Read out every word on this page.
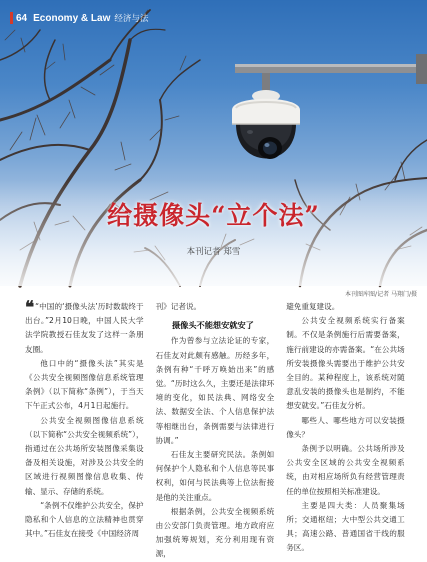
给摄像头“立个法”
本刊记者 郑雪
64 Economy & Law 经济与法
本刊图库图/记者 马翔门/摄

❝“中国的‘摄像头法’历时数载终于出台。”2月10日晚，中国人民大学法学院教授石佳友发了这样一条朋友圈。

他口中的“摄像头法”其实是《公共安全视频图像信息系统管理条例》（以下简称“条例”），于当天下午正式公布，4月1日起施行。

公共安全视频图像信息系统（以下简称“公共安全视频系统”），指通过在公共场所安装图像采集设备及相关设施，对涉及公共安全的区域进行视频图像信息收集、传输、显示、存储的系统。

“条例不仅维护公共安全，保护隐私和个人信息的立法精神也贯穿其中。”石佳友在接受《中国经济周

刊》记者说。

摄像头不能想安就安了

作为曾参与立法论证的专家，石佳友对此颇有感触。历经多年，条例有种“千呼万唤始出来”的感觉。“历时这么久，主要还是法律环境的变化，如民法典、网络安全法、数据安全法、个人信息保护法等相继出台，条例需要与法律进行协调。”

石佳友主要研究民法。条例如何保护个人隐私和个人信息等民事权利，如何与民法典等上位法衔接是他的关注重点。

根据条例，公共安全视频系统由公安部门负责管理。地方政府应加强统筹规划，充分利用现有资源，

避免重复建设。

公共安全视频系统实行备案制。不仅是条例施行后需要备案，施行前建设的亦需备案。“在公共场所安装摄像头需要出于维护公共安全目的。某种程度上，该系统对随意乱安装的摄像头也是制约，不能想安就安。”石佳友分析。

哪些人、哪些地方可以安装摄像头？

条例予以明确。公共场所涉及公共安全区域的公共安全视频系统，由对相应场所负有经营管理责任的单位按照相关标准建设。

主要是四大类：人员聚集场所；交通枢纽；大中型公共交通工具；高速公路、普通国省干线的服务区。
